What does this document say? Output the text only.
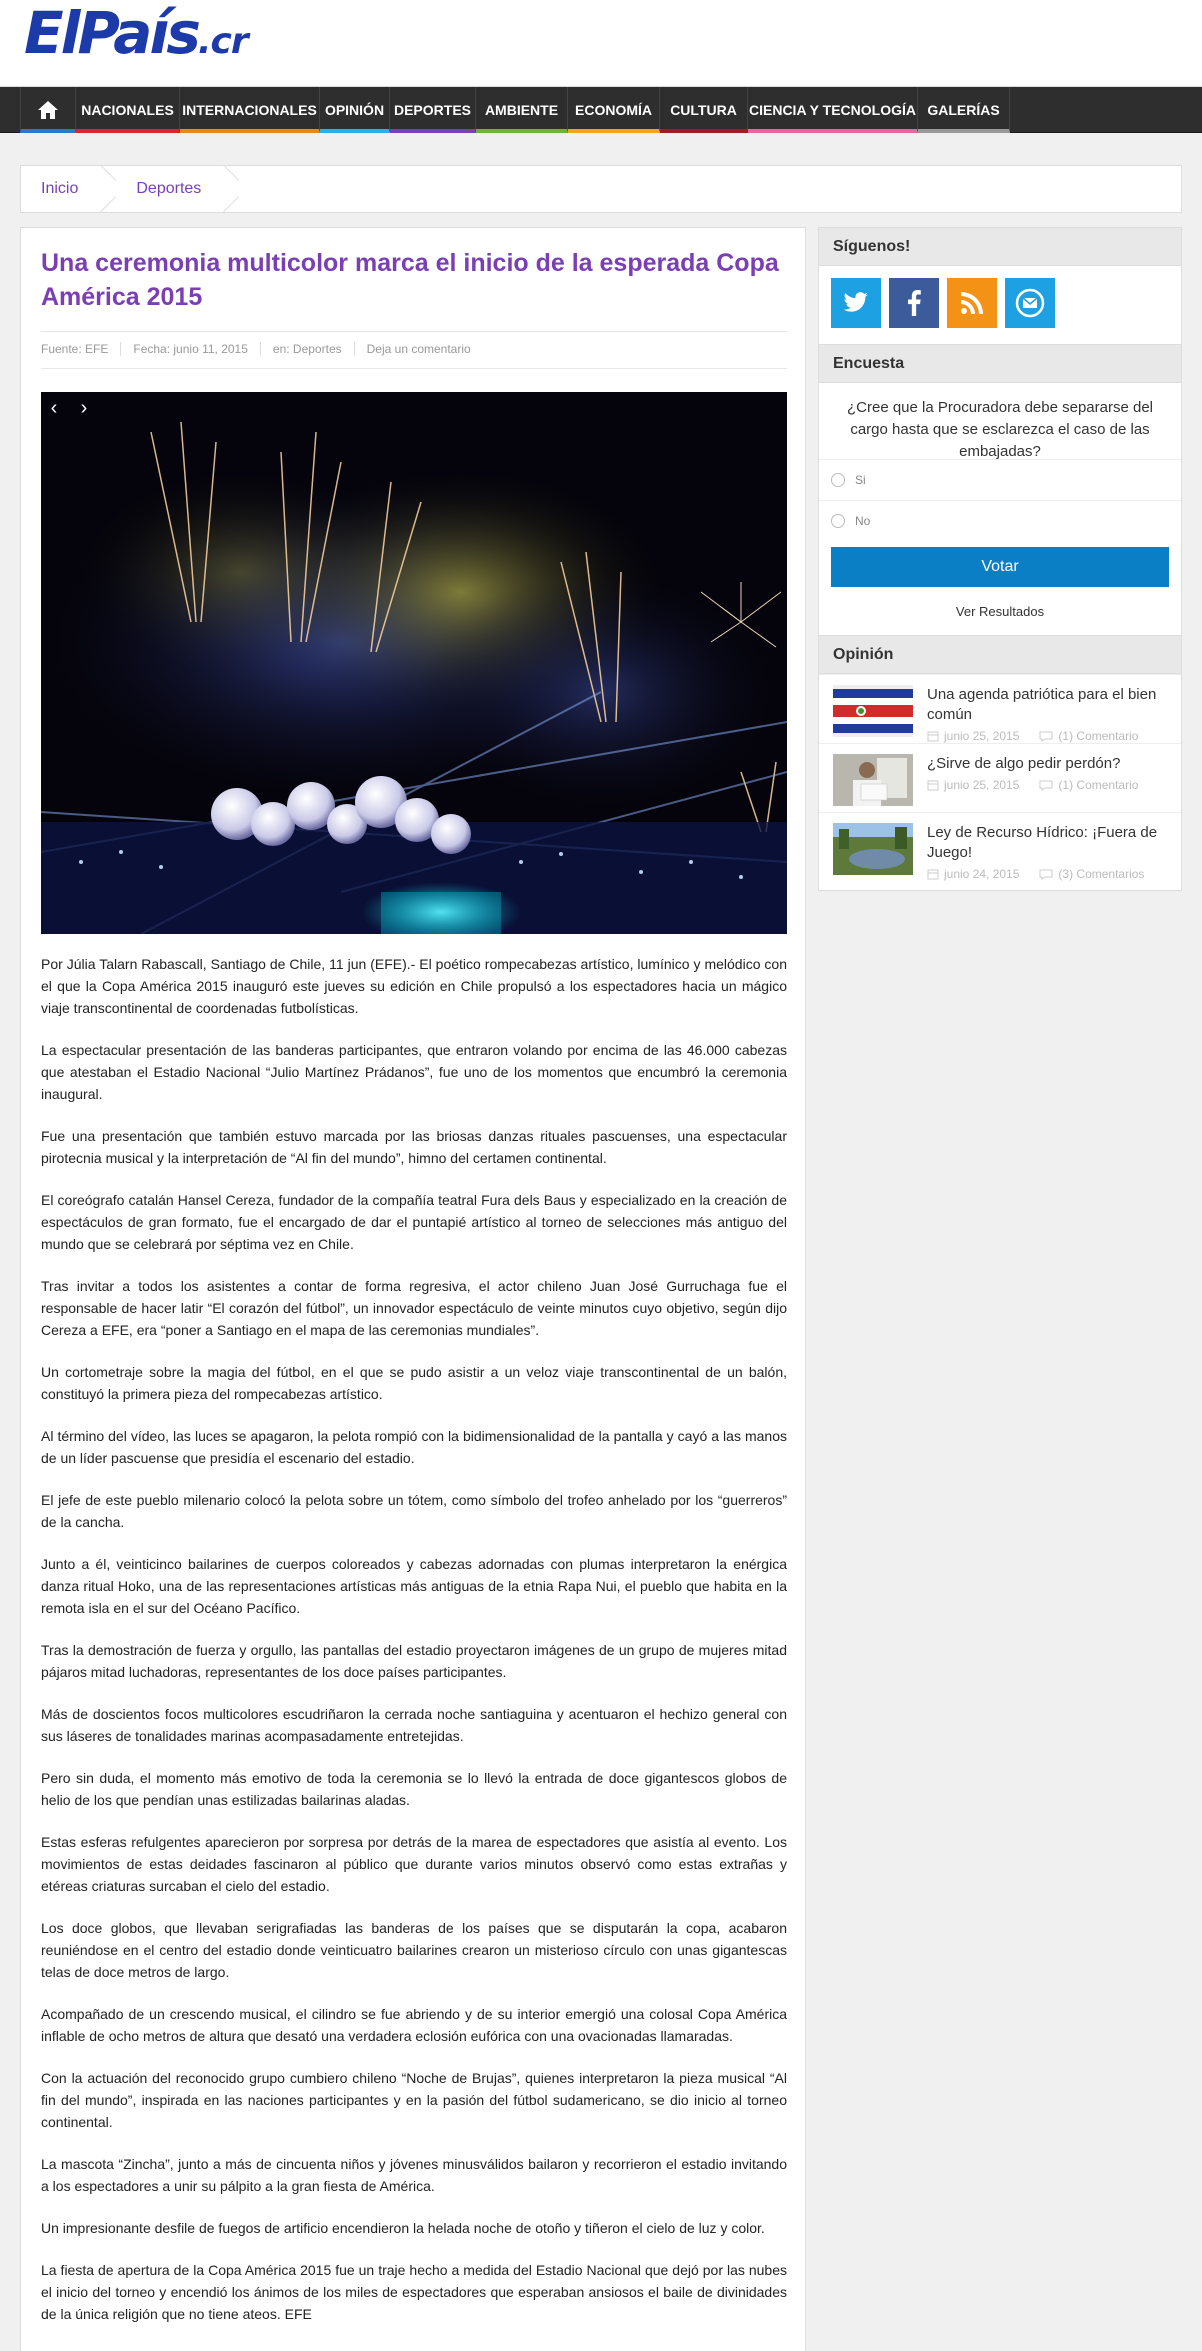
ElPaís.cr
NACIONALES INTERNACIONALES OPINIÓN DEPORTES AMBIENTE ECONOMÍA CULTURA CIENCIA Y TECNOLOGÍA GALERÍAS
Inicio	Deportes
Una ceremonia multicolor marca el inicio de la esperada Copa América 2015
Fuente: EFE	Fecha: junio 11, 2015	en: Deportes	Deja un comentario
‹	›

Por Júlia Talarn Rabascall, Santiago de Chile, 11 jun (EFE).- El poético rompecabezas artístico, lumínico y melódico con el que la Copa América 2015 inauguró este jueves su edición en Chile propulsó a los espectadores hacia un mágico viaje transcontinental de coordenadas futbolísticas.

La espectacular presentación de las banderas participantes, que entraron volando por encima de las 46.000 cabezas que atestaban el Estadio Nacional “Julio Martínez Prádanos”, fue uno de los momentos que encumbró la ceremonia inaugural.

Fue una presentación que también estuvo marcada por las briosas danzas rituales pascuenses, una espectacular pirotecnia musical y la interpretación de “Al fin del mundo”, himno del certamen continental.

El coreógrafo catalán Hansel Cereza, fundador de la compañía teatral Fura dels Baus y especializado en la creación de espectáculos de gran formato, fue el encargado de dar el puntapié artístico al torneo de selecciones más antiguo del mundo que se celebrará por séptima vez en Chile.

Tras invitar a todos los asistentes a contar de forma regresiva, el actor chileno Juan José Gurruchaga fue el responsable de hacer latir “El corazón del fútbol”, un innovador espectáculo de veinte minutos cuyo objetivo, según dijo Cereza a EFE, era “poner a Santiago en el mapa de las ceremonias mundiales”.

Un cortometraje sobre la magia del fútbol, en el que se pudo asistir a un veloz viaje transcontinental de un balón, constituyó la primera pieza del rompecabezas artístico.

Al término del vídeo, las luces se apagaron, la pelota rompió con la bidimensionalidad de la pantalla y cayó a las manos de un líder pascuense que presidía el escenario del estadio.

El jefe de este pueblo milenario colocó la pelota sobre un tótem, como símbolo del trofeo anhelado por los “guerreros” de la cancha.

Junto a él, veinticinco bailarines de cuerpos coloreados y cabezas adornadas con plumas interpretaron la enérgica danza ritual Hoko, una de las representaciones artísticas más antiguas de la etnia Rapa Nui, el pueblo que habita en la remota isla en el sur del Océano Pacífico.

Tras la demostración de fuerza y orgullo, las pantallas del estadio proyectaron imágenes de un grupo de mujeres mitad pájaros mitad luchadoras, representantes de los doce países participantes.

Más de doscientos focos multicolores escudriñaron la cerrada noche santiaguina y acentuaron el hechizo general con sus láseres de tonalidades marinas acompasadamente entretejidas.

Pero sin duda, el momento más emotivo de toda la ceremonia se lo llevó la entrada de doce gigantescos globos de helio de los que pendían unas estilizadas bailarinas aladas.

Estas esferas refulgentes aparecieron por sorpresa por detrás de la marea de espectadores que asistía al evento. Los movimientos de estas deidades fascinaron al público que durante varios minutos observó como estas extrañas y etéreas criaturas surcaban el cielo del estadio.

Los doce globos, que llevaban serigrafiadas las banderas de los países que se disputarán la copa, acabaron reuniéndose en el centro del estadio donde veinticuatro bailarines crearon un misterioso círculo con unas gigantescas telas de doce metros de largo.

Acompañado de un crescendo musical, el cilindro se fue abriendo y de su interior emergió una colosal Copa América inflable de ocho metros de altura que desató una verdadera eclosión eufórica con una ovacionadas llamaradas.

Con la actuación del reconocido grupo cumbiero chileno “Noche de Brujas”, quienes interpretaron la pieza musical “Al fin del mundo”, inspirada en las naciones participantes y en la pasión del fútbol sudamericano, se dio inicio al torneo continental.

La mascota “Zincha”, junto a más de cincuenta niños y jóvenes minusválidos bailaron y recorrieron el estadio invitando a los espectadores a unir su pálpito a la gran fiesta de América.

Un impresionante desfile de fuegos de artificio encendieron la helada noche de otoño y tiñeron el cielo de luz y color.

La fiesta de apertura de la Copa América 2015 fue un traje hecho a medida del Estadio Nacional que dejó por las nubes el inicio del torneo y encendió los ánimos de los miles de espectadores que esperaban ansiosos el baile de divinidades de la única religión que no tiene ateos. EFE

Síguenos!
Encuesta
¿Cree que la Procuradora debe separarse del cargo hasta que se esclarezca el caso de las embajadas?
Si
No
Votar
Ver Resultados
Opinión
Una agenda patriótica para el bien común
junio 25, 2015	(1) Comentario
¿Sirve de algo pedir perdón?
junio 25, 2015	(1) Comentario
Ley de Recurso Hídrico: ¡Fuera de Juego!
junio 24, 2015	(3) Comentarios
